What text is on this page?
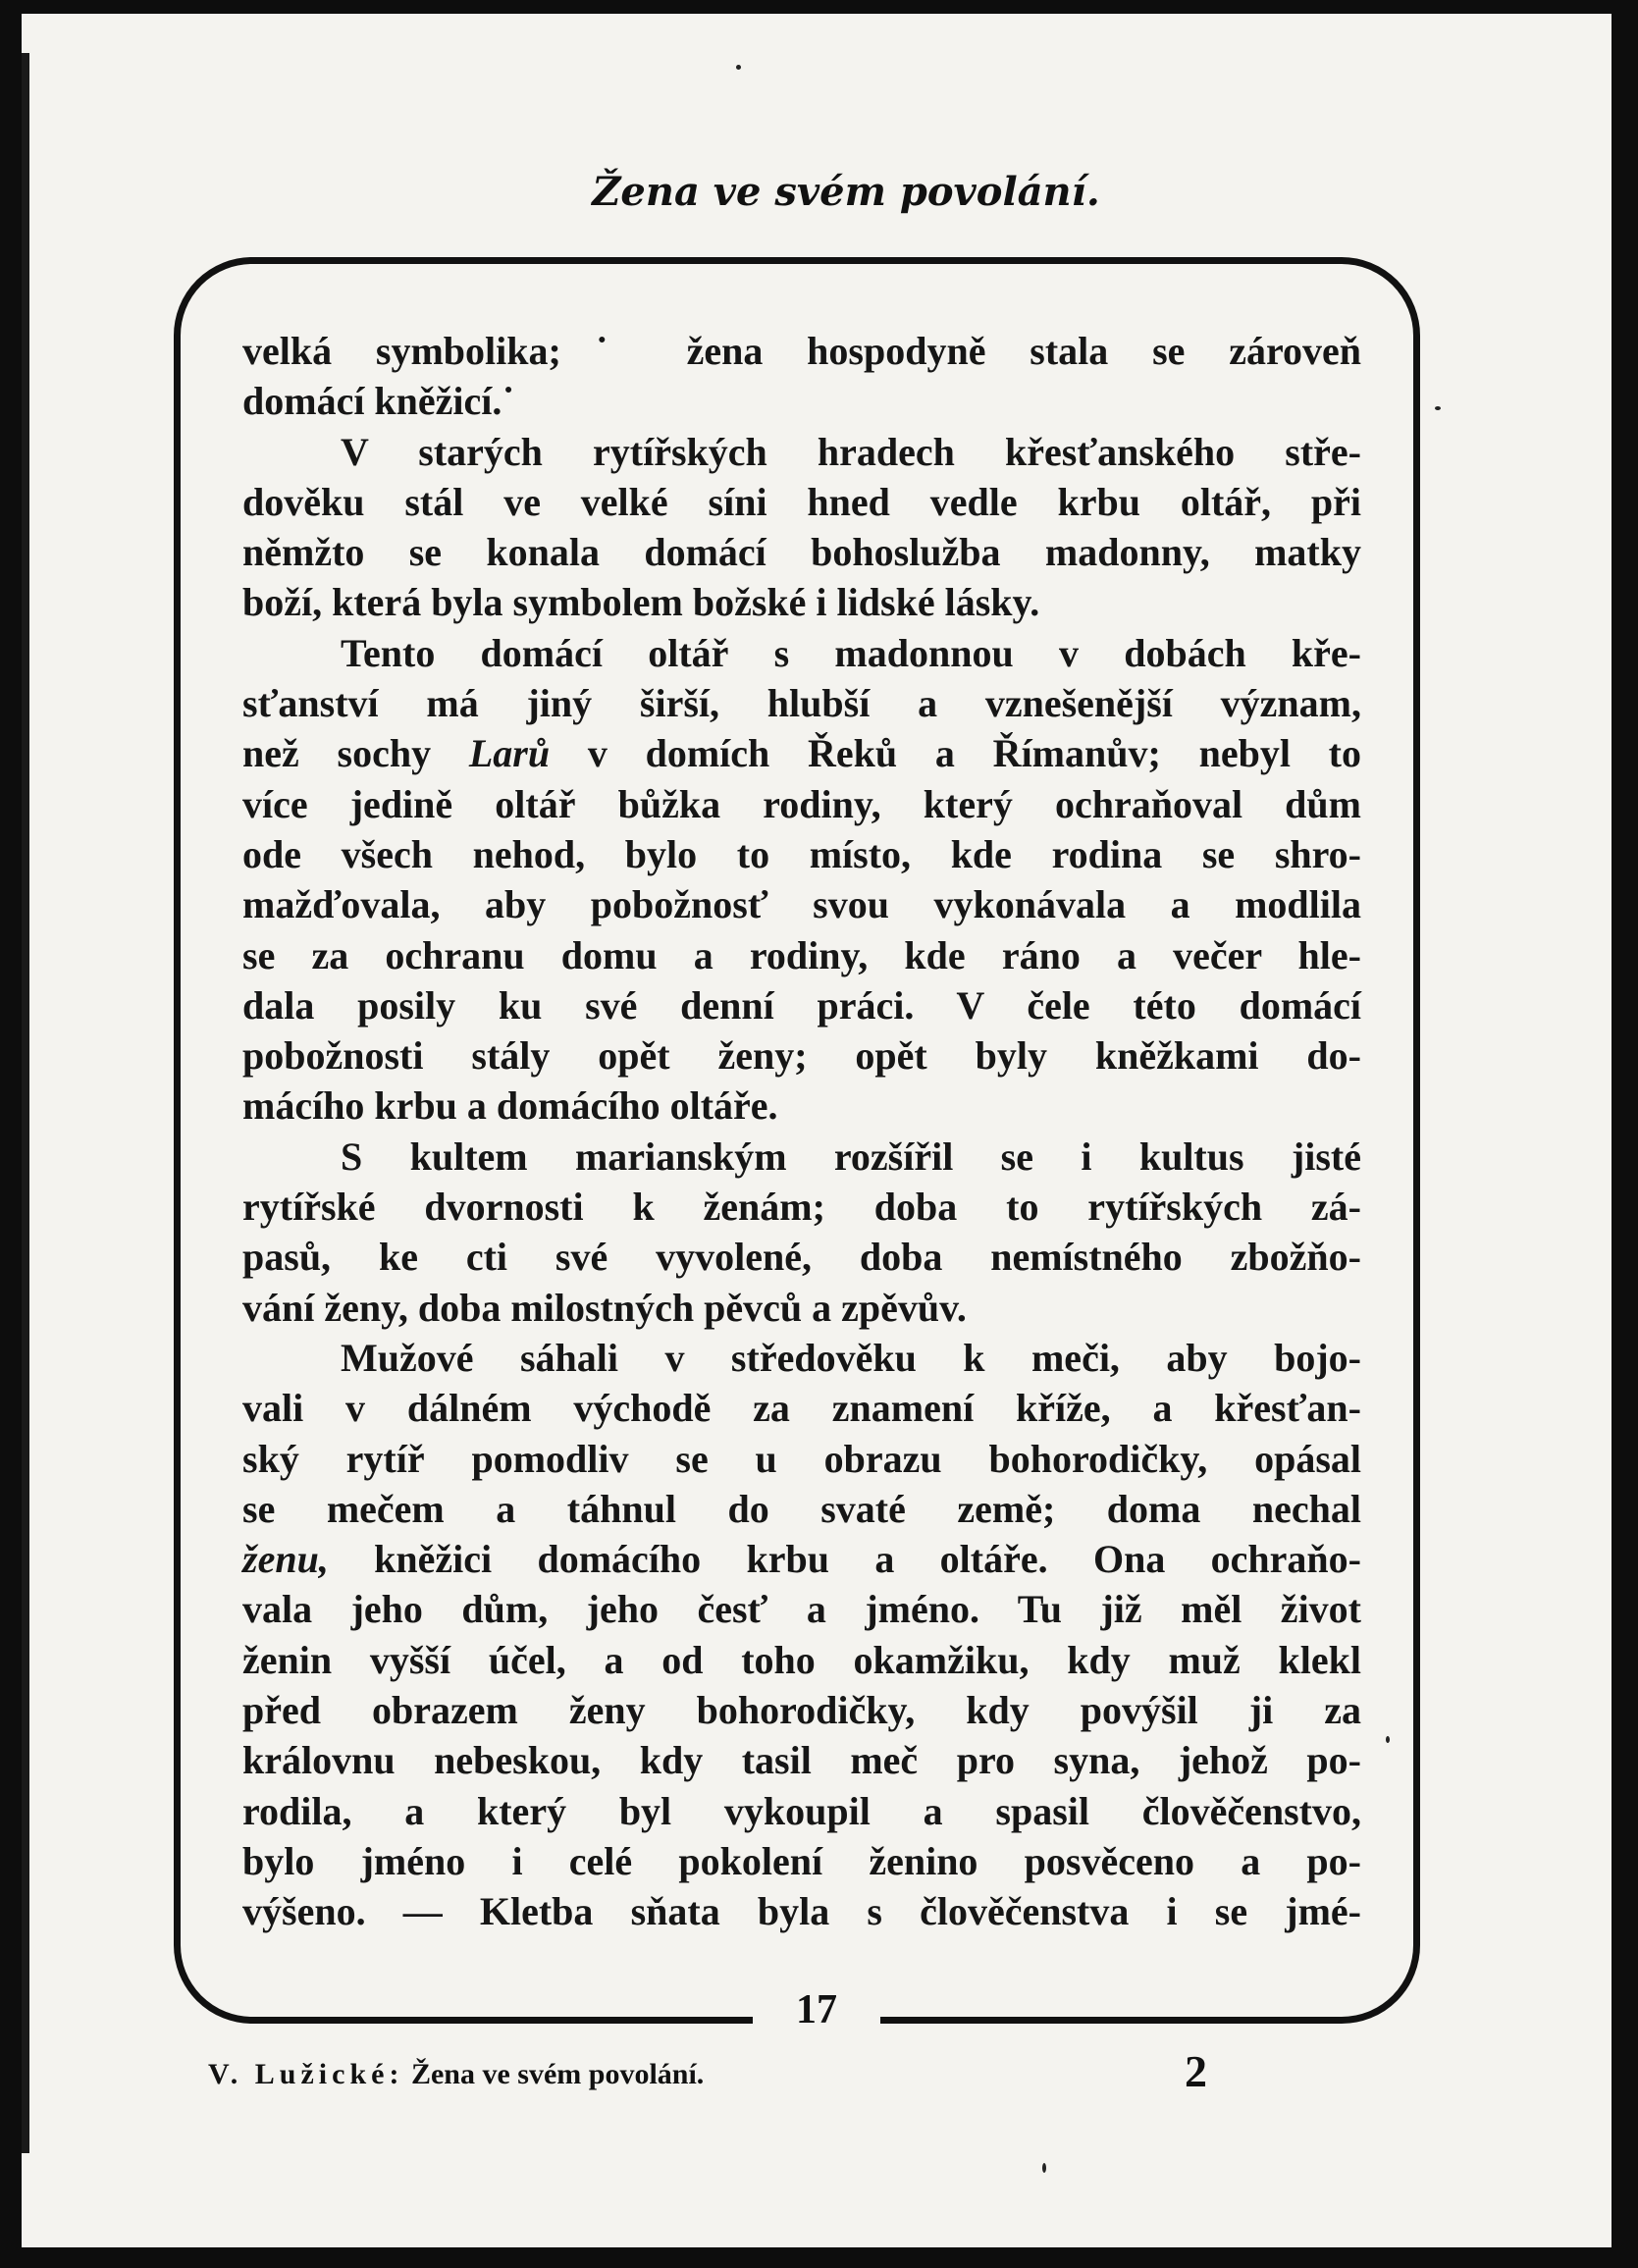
Žena ve svém povolání.
17
velká symbolika;˙ žena hospodyně stala se zároveň
domácí kněžicí.˙
V starých rytířských hradech křesťanského stře-
dověku stál ve velké síni hned vedle krbu oltář, při
němžto se konala domácí bohoslužba madonny, matky
boží, která byla symbolem božské i lidské lásky.
Tento domácí oltář s madonnou v dobách kře-
sťanství má jiný širší, hlubší a vznešenější význam,
než sochy Larů v domích Řeků a Římanův; nebyl to
více jedině oltář bůžka rodiny, který ochraňoval dům
ode všech nehod, bylo to místo, kde rodina se shro-
mažďovala, aby pobožnosť svou vykonávala a modlila
se za ochranu domu a rodiny, kde ráno a večer hle-
dala posily ku své denní práci. V čele této domácí
pobožnosti stály opět ženy; opět byly kněžkami do-
mácího krbu a domácího oltáře.
S kultem marianským rozšířil se i kultus jisté
rytířské dvornosti k ženám; doba to rytířských zá-
pasů, ke cti své vyvolené, doba nemístného zbožňo-
vání ženy, doba milostných pěvců a zpěvův.
Mužové sáhali v středověku k meči, aby bojo-
vali v dálném východě za znamení kříže, a křesťan-
ský rytíř pomodliv se u obrazu bohorodičky, opásal
se mečem a táhnul do svaté země; doma nechal
ženu, kněžici domácího krbu a oltáře. Ona ochraňo-
vala jeho dům, jeho česť a jméno. Tu již měl život
ženin vyšší účel, a od toho okamžiku, kdy muž klekl
před obrazem ženy bohorodičky, kdy povýšil ji za
královnu nebeskou, kdy tasil meč pro syna, jehož po-
rodila, a který byl vykoupil a spasil člověčenstvo,
bylo jméno i celé pokolení ženino posvěceno a po-
výšeno. — Kletba sňata byla s člověčenstva i se jmé-
V. Lužické: Žena ve svém povolání.	2
